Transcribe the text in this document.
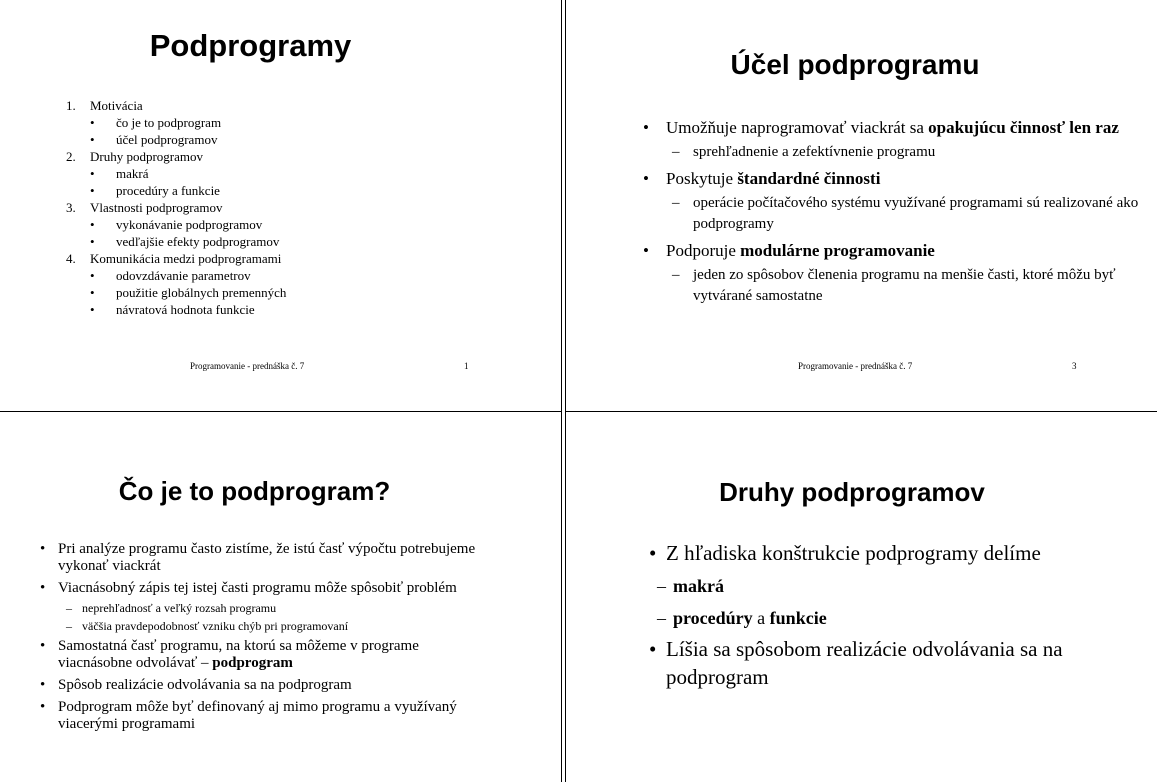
Podprogramy
1. Motivácia
• čo je to podprogram
• účel podprogramov
2. Druhy podprogramov
• makrá
• procedúry a funkcie
3. Vlastnosti podprogramov
• vykonávanie podprogramov
• vedľajšie efekty podprogramov
4. Komunikácia medzi podprogramami
• odovzdávanie parametrov
• použitie globálnych premenných
• návratová hodnota funkcie
Programovanie - prednáška č. 7	1
Účel podprogramu
• Umožňuje naprogramovať viackrát sa opakujúcu činnosť len raz
– sprehľadnenie a zefektívnenie programu
• Poskytuje štandardné činnosti
– operácie počítačového systému využívané programami sú realizované ako podprogramy
• Podporuje modulárne programovanie
– jeden zo spôsobov členenia programu na menšie časti, ktoré môžu byť vytvárané samostatne
Programovanie - prednáška č. 7	3
Čo je to podprogram?
• Pri analýze programu často zistíme, že istú časť výpočtu potrebujeme vykonať viackrát
• Viacnásobný zápis tej istej časti programu môže spôsobiť problém
– neprehľadnosť a veľký rozsah programu
– väčšia pravdepodobnosť vzniku chýb pri programovaní
• Samostatná časť programu, na ktorú sa môžeme v programe viacnásobne odvolávať – podprogram
• Spôsob realizácie odvolávania sa na podprogram
• Podprogram môže byť definovaný aj mimo programu a využívaný viacerými programami
Druhy podprogramov
• Z hľadiska konštrukcie podprogramy delíme
– makrá
– procedúry a funkcie
• Líšia sa spôsobom realizácie odvolávania sa na podprogram
